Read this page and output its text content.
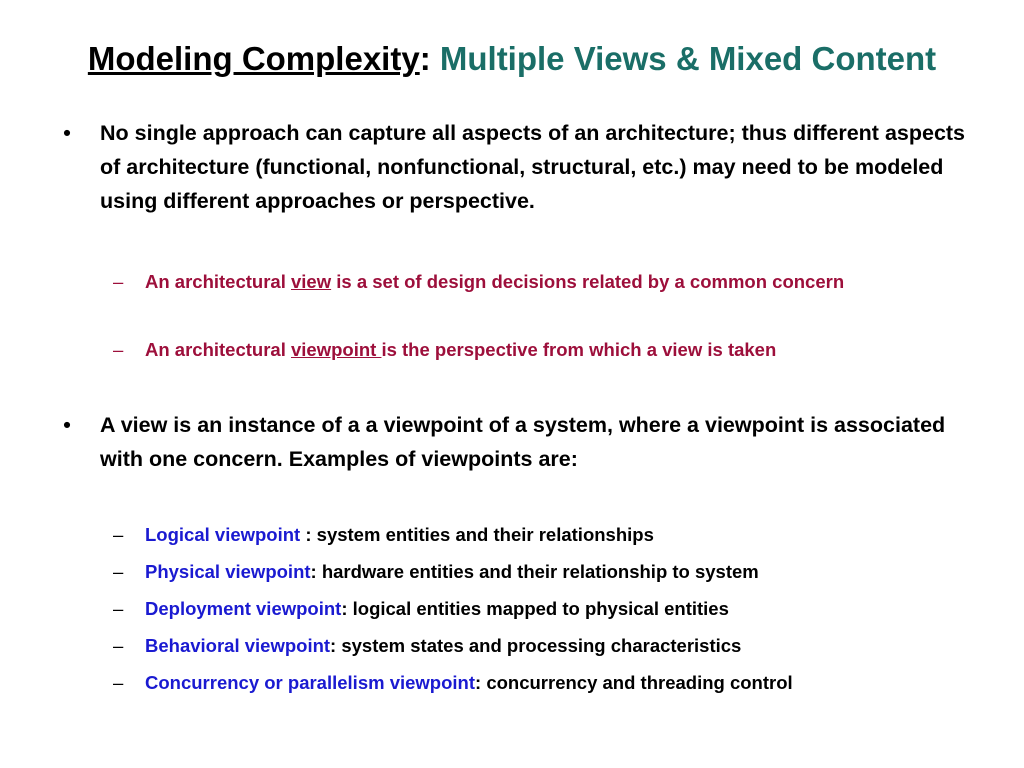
Modeling Complexity: Multiple Views & Mixed Content
• No single approach can capture all aspects of an architecture; thus different aspects of architecture (functional, nonfunctional, structural, etc.) may need to be modeled using different approaches or perspective.
– An architectural view is a set of design decisions related by a common concern
– An architectural viewpoint is the perspective from which a view is taken
• A view is an instance of a a viewpoint of a system, where a viewpoint is associated with one concern. Examples of viewpoints are:
– Logical viewpoint : system entities and their relationships
– Physical viewpoint: hardware entities and their relationship to system
– Deployment viewpoint: logical entities mapped to physical entities
– Behavioral viewpoint: system states and processing characteristics
– Concurrency or parallelism viewpoint: concurrency and threading control
